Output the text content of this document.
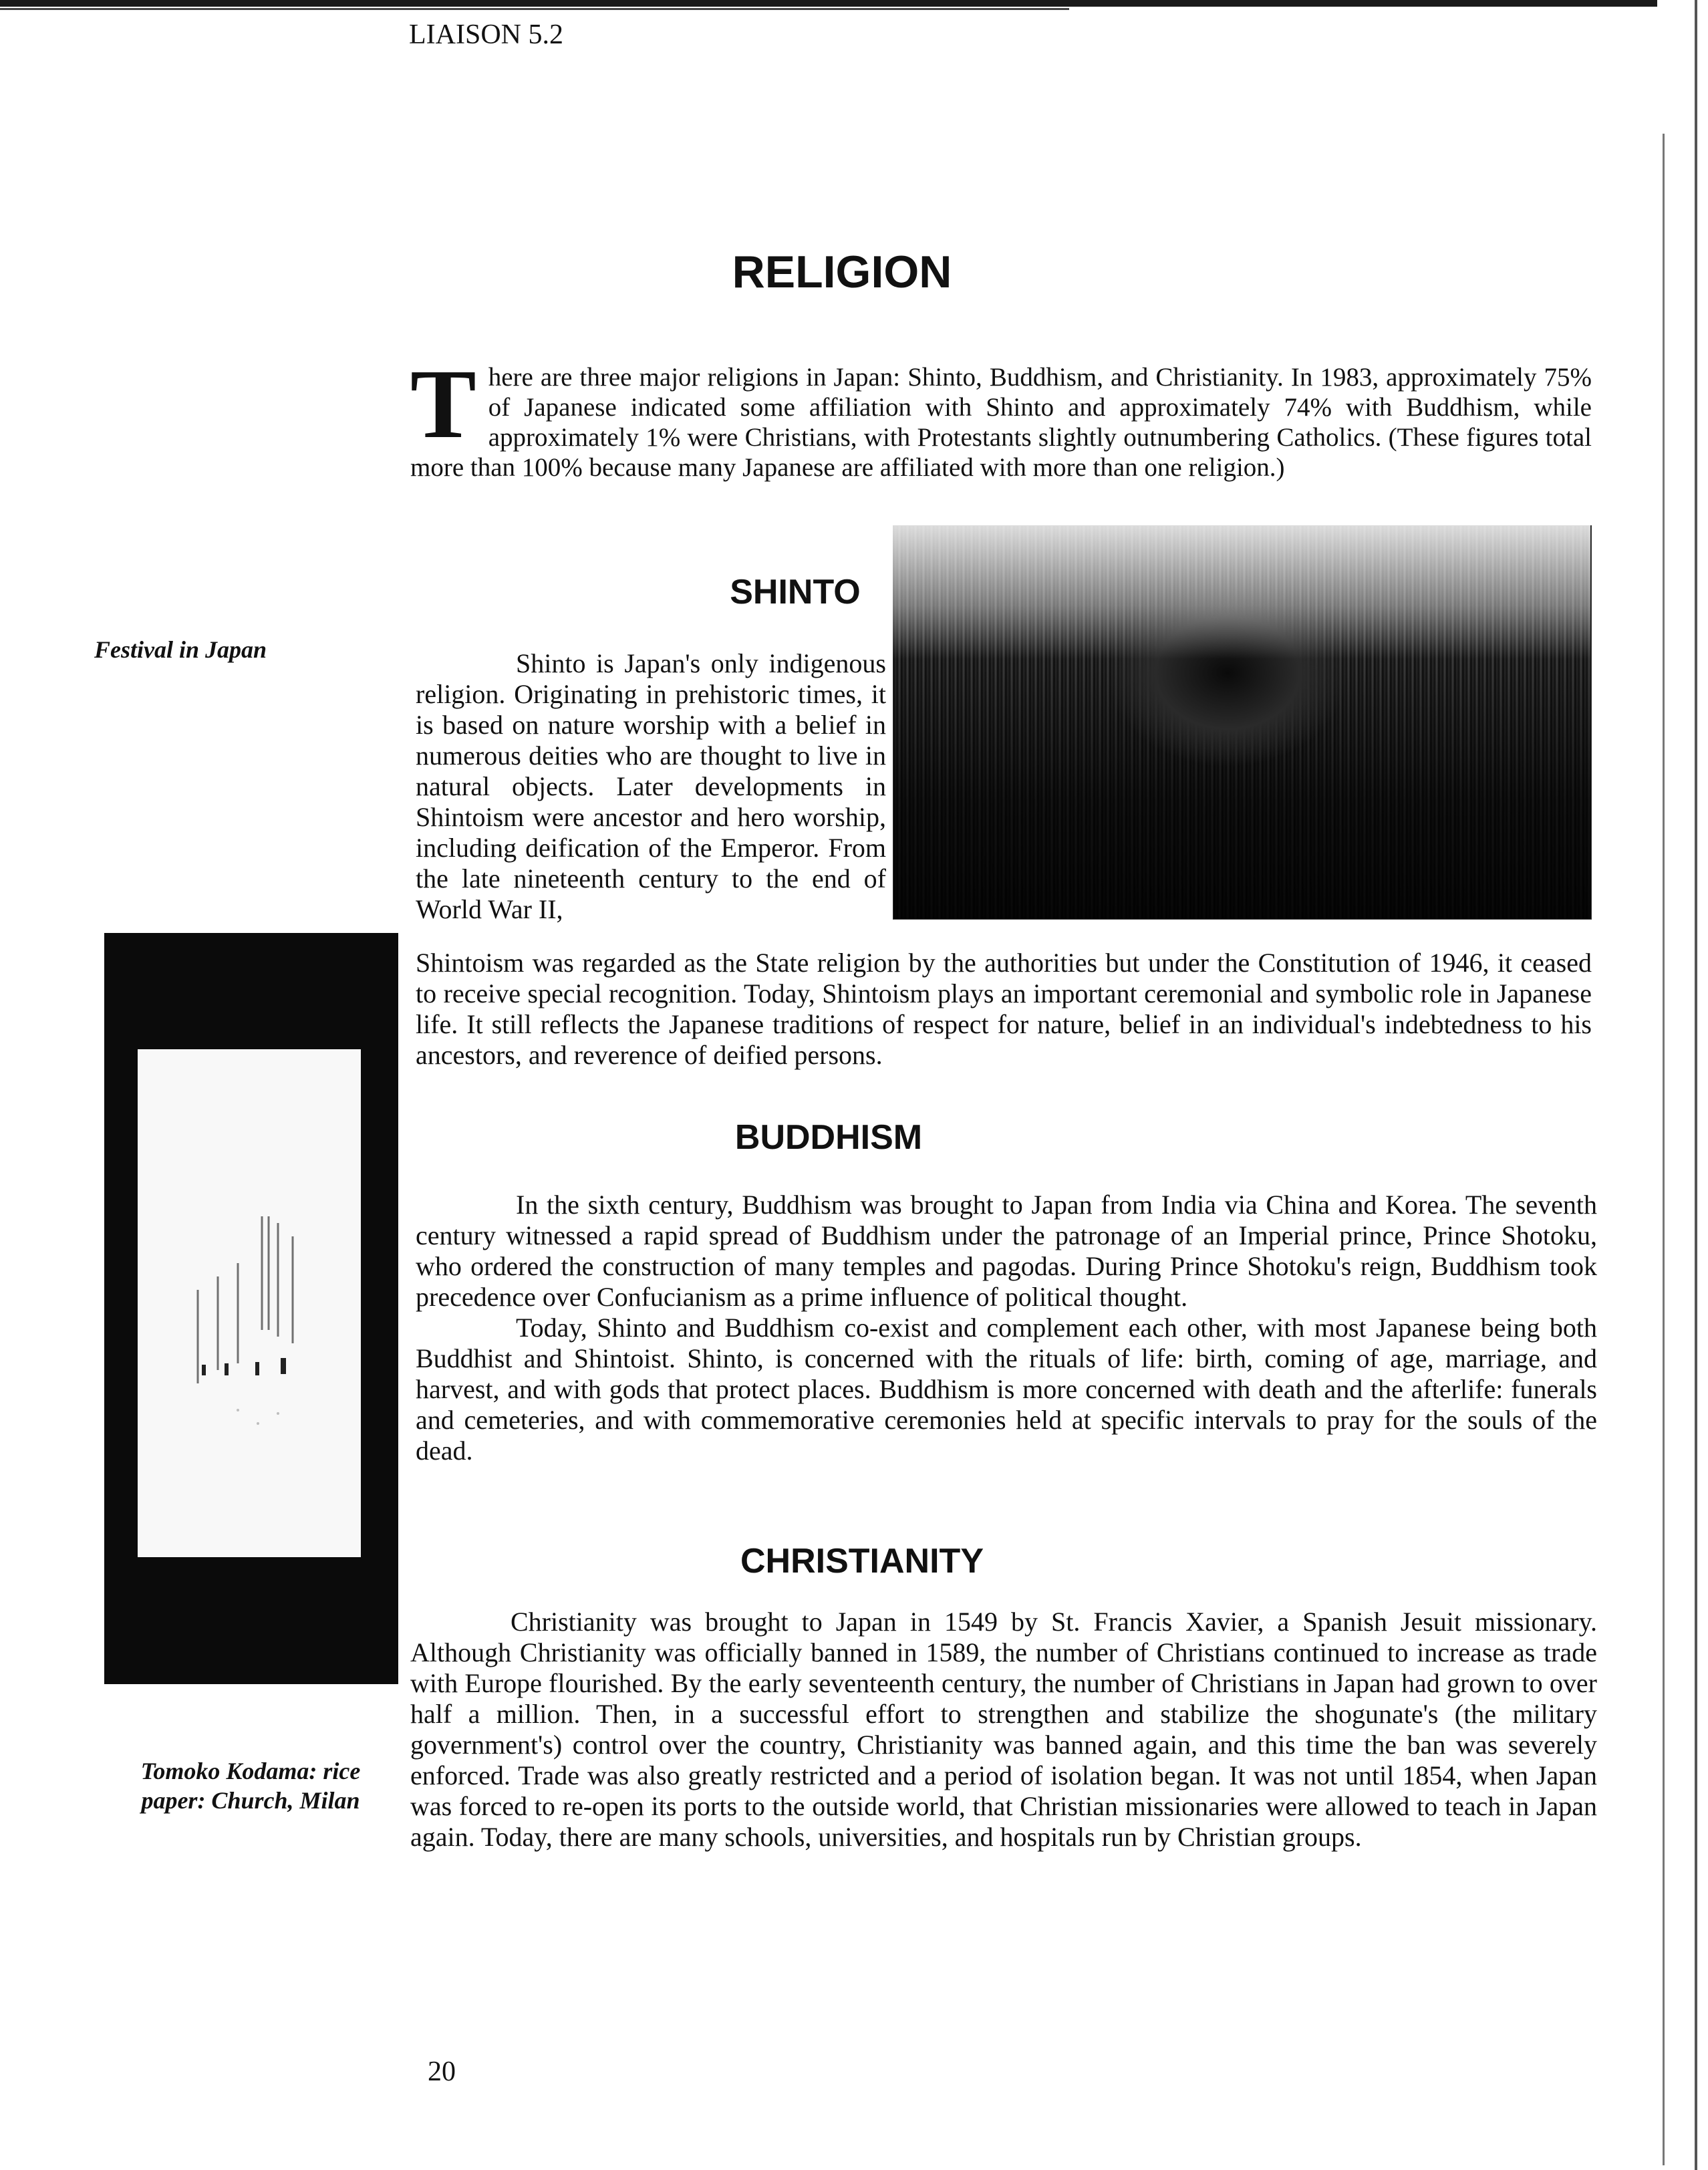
LIAISON 5.2
RELIGION
There are three major religions in Japan: Shinto, Buddhism, and Christianity. In 1983, approximately 75% of Japanese indicated some affiliation with Shinto and approximately 74% with Buddhism, while approximately 1% were Christians, with Protestants slightly outnumbering Catholics. (These figures total more than 100% because many Japanese are affiliated with more than one religion.)
SHINTO
Festival in Japan	Shinto is Japan's only indigenous religion. Originating in prehistoric times, it is based on nature worship with a belief in numerous deities who are thought to live in natural objects. Later developments in Shintoism were ancestor and hero worship, including deification of the Emperor. From the late nineteenth century to the end of World War II,

Shintoism was regarded as the State religion by the authorities but under the Constitution of 1946, it ceased to receive special recognition. Today, Shintoism plays an important ceremonial and symbolic role in Japanese life. It still reflects the Japanese traditions of respect for nature, belief in an individual's indebtedness to his ancestors, and reverence of deified persons.

BUDDHISM

In the sixth century, Buddhism was brought to Japan from India via China and Korea. The seventh century witnessed a rapid spread of Buddhism under the patronage of an Imperial prince, Prince Shotoku, who ordered the construction of many temples and pagodas. During Prince Shotoku's reign, Buddhism took precedence over Confucianism as a prime influence of political thought.

Today, Shinto and Buddhism co-exist and complement each other, with most Japanese being both Buddhist and Shintoist. Shinto, is concerned with the rituals of life: birth, coming of age, marriage, and harvest, and with gods that protect places. Buddhism is more concerned with death and the afterlife: funerals and cemeteries, and with commemorative ceremonies held at specific intervals to pray for the souls of the dead.

CHRISTIANITY

Christianity was brought to Japan in 1549 by St. Francis Xavier, a Spanish Jesuit missionary. Although Christianity was officially banned in 1589, the number of Christians continued to increase as trade with Europe flourished. By the early seventeenth century, the number of Christians in Japan had grown to over half a million. Then, in a successful effort to strengthen and stabilize the shogunate's (the military government's) control over the country, Christianity was banned again, and this time the ban was severely enforced. Trade was also greatly restricted and a period of isolation began. It was not until 1854, when Japan was forced to re-open its ports to the outside world, that Christian missionaries were allowed to teach in Japan again. Today, there are many schools, universities, and hospitals run by Christian groups.

Tomoko Kodama: rice
paper: Church, Milan
20
